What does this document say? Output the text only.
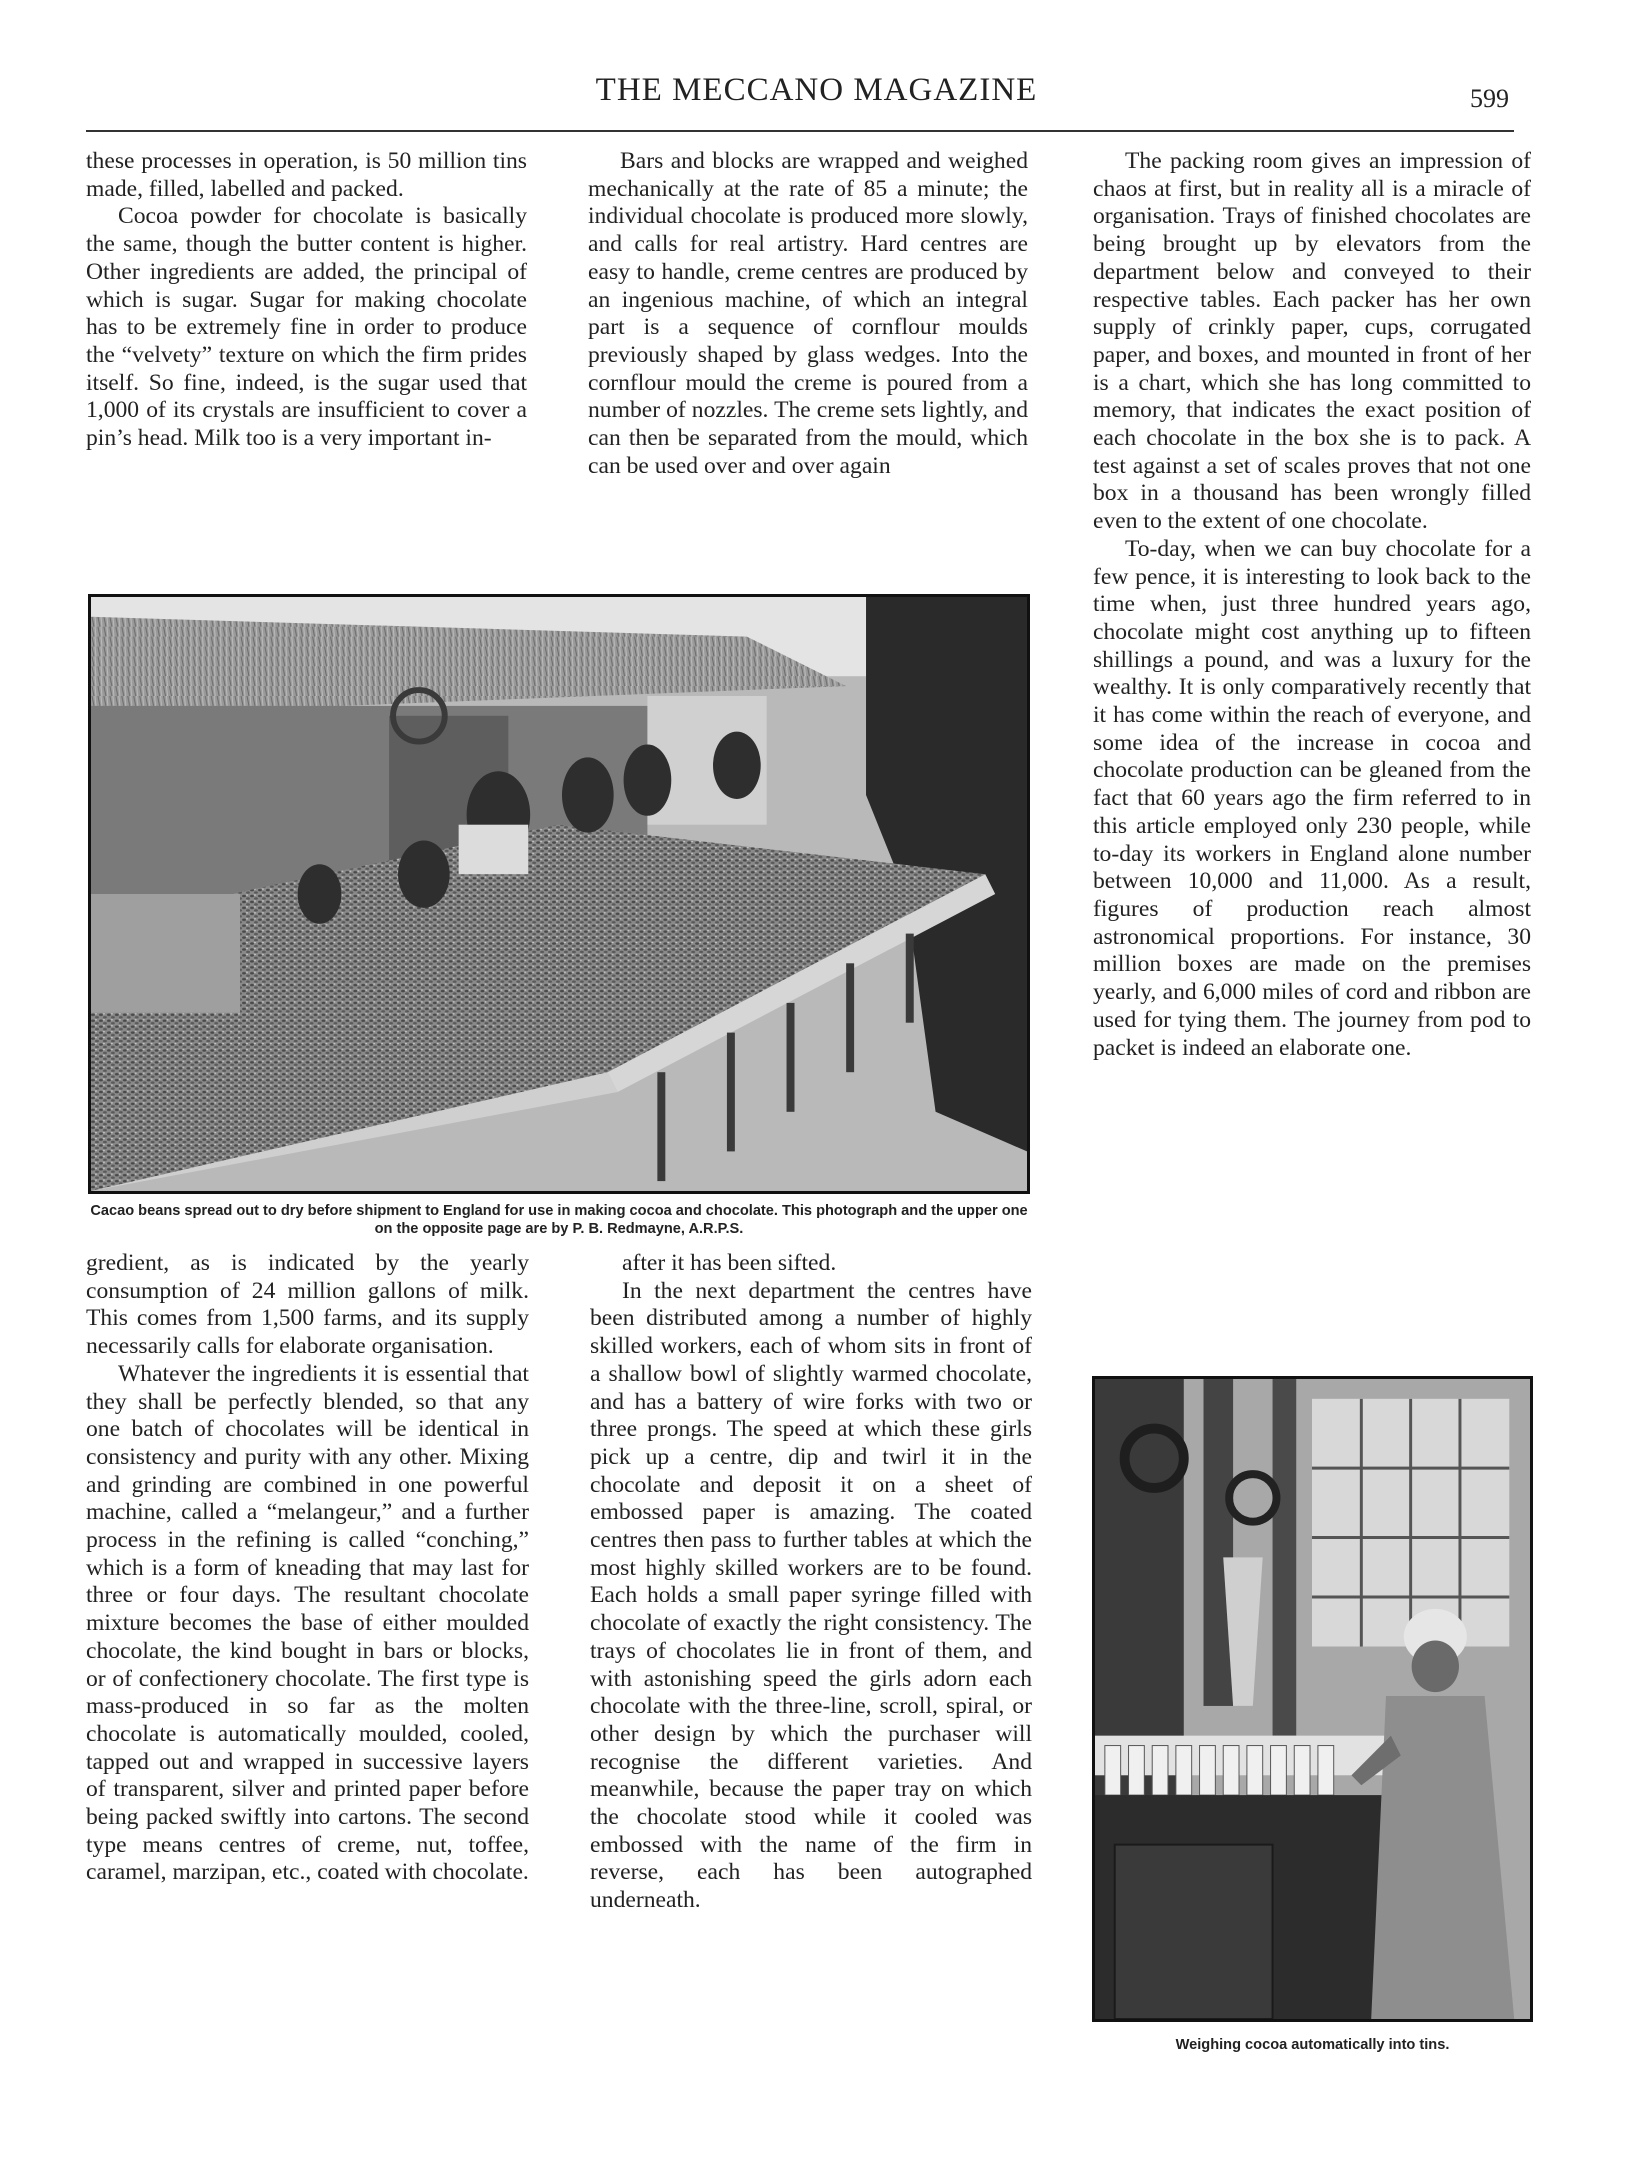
THE MECCANO MAGAZINE	599

these processes in operation, is 50 million tins made, filled, labelled and packed.

Cocoa powder for chocolate is basically the same, though the butter content is higher. Other ingredients are added, the principal of which is sugar. Sugar for making chocolate has to be extremely fine in order to produce the “velvety” texture on which the firm prides itself. So fine, indeed, is the sugar used that 1,000 of its crystals are insufficient to cover a pin’s head. Milk too is a very important in-

Bars and blocks are wrapped and weighed mechanically at the rate of 85 a minute; the individual chocolate is produced more slowly, and calls for real artistry. Hard centres are easy to handle, creme centres are produced by an ingenious machine, of which an integral part is a sequence of cornflour moulds previously shaped by glass wedges. Into the cornflour mould the creme is poured from a number of nozzles. The creme sets lightly, and can then be separated from the mould, which can be used over and over again

The packing room gives an impression of chaos at first, but in reality all is a miracle of organisation. Trays of finished chocolates are being brought up by elevators from the department below and conveyed to their respective tables. Each packer has her own supply of crinkly paper, cups, corrugated paper, and boxes, and mounted in front of her is a chart, which she has long committed to memory, that indicates the exact position of each chocolate in the box she is to pack. A test against a set of scales proves that not one box in a thousand has been wrongly filled even to the extent of one chocolate.

To-day, when we can buy chocolate for a few pence, it is interesting to look back to the time when, just three hundred years ago, chocolate might cost anything up to fifteen shillings a pound, and was a luxury for the wealthy. It is only comparatively recently that it has come within the reach of everyone, and some idea of the increase in cocoa and chocolate production can be gleaned from the fact that 60 years ago the firm referred to in this article employed only 230 people, while to-day its workers in England alone number between 10,000 and 11,000. As a result, figures of production reach almost astronomical proportions. For instance, 30 million boxes are made on the premises yearly, and 6,000 miles of cord and ribbon are used for tying them. The journey from pod to packet is indeed an elaborate one.

Cacao beans spread out to dry before shipment to England for use in making cocoa and chocolate. This photograph and the upper one on the opposite page are by P. B. Redmayne, A.R.P.S.

gredient, as is indicated by the yearly consumption of 24 million gallons of milk. This comes from 1,500 farms, and its supply necessarily calls for elaborate organisation.

Whatever the ingredients it is essential that they shall be perfectly blended, so that any one batch of chocolates will be identical in consistency and purity with any other. Mixing and grinding are combined in one powerful machine, called a “melangeur,” and a further process in the refining is called “conching,” which is a form of kneading that may last for three or four days. The resultant chocolate mixture becomes the base of either moulded chocolate, the kind bought in bars or blocks, or of confectionery chocolate. The first type is mass-produced in so far as the molten chocolate is automatically moulded, cooled, tapped out and wrapped in successive layers of transparent, silver and printed paper before being packed swiftly into cartons. The second type means centres of creme, nut, toffee, caramel, marzipan, etc., coated with chocolate.

after it has been sifted.

In the next department the centres have been distributed among a number of highly skilled workers, each of whom sits in front of a shallow bowl of slightly warmed chocolate, and has a battery of wire forks with two or three prongs. The speed at which these girls pick up a centre, dip and twirl it in the chocolate and deposit it on a sheet of embossed paper is amazing. The coated centres then pass to further tables at which the most highly skilled workers are to be found. Each holds a small paper syringe filled with chocolate of exactly the right consistency. The trays of chocolates lie in front of them, and with astonishing speed the girls adorn each chocolate with the three-line, scroll, spiral, or other design by which the purchaser will recognise the different varieties. And meanwhile, because the paper tray on which the chocolate stood while it cooled was embossed with the name of the firm in reverse, each has been autographed underneath.

Weighing cocoa automatically into tins.
